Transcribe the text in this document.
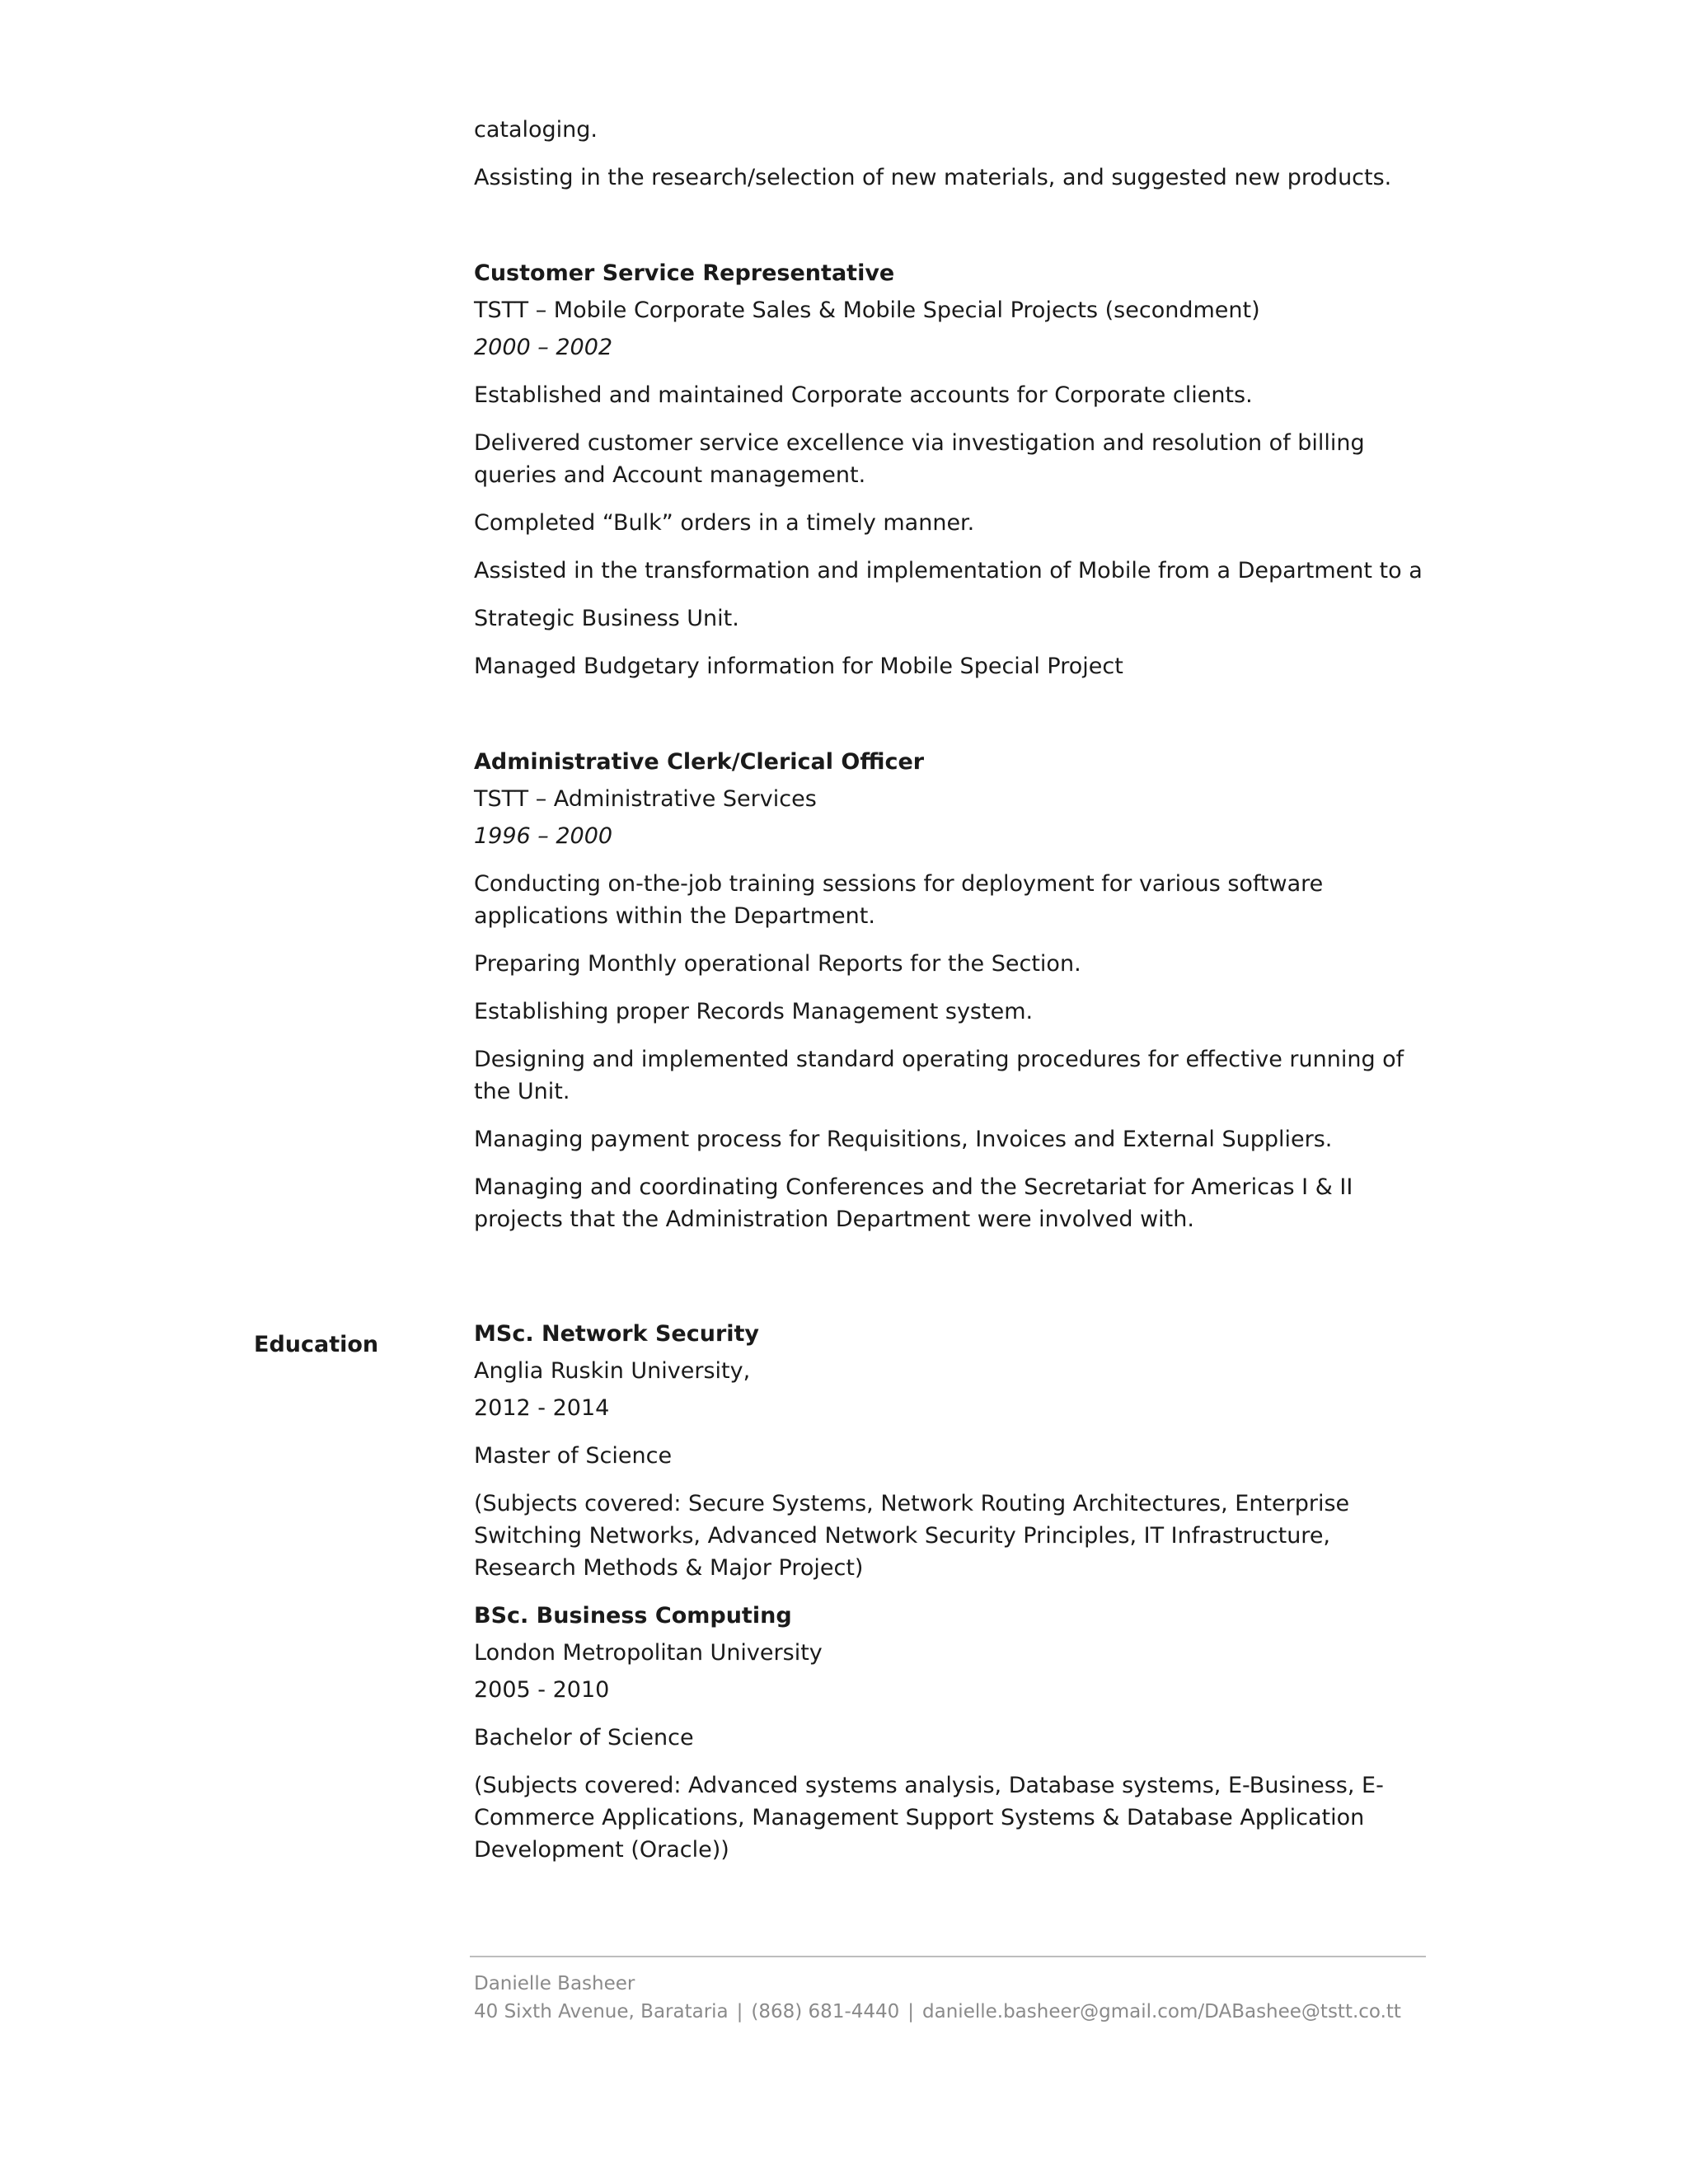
cataloging.
Assisting in the research/selection of new materials, and suggested new products.
Customer Service Representative
TSTT – Mobile Corporate Sales & Mobile Special Projects (secondment)
2000 – 2002
Established and maintained Corporate accounts for Corporate clients.
Delivered customer service excellence via investigation and resolution of billing queries and Account management.
Completed “Bulk” orders in a timely manner.
Assisted in the transformation and implementation of Mobile from a Department to a
Strategic Business Unit.
Managed Budgetary information for Mobile Special Project
Administrative Clerk/Clerical Officer
TSTT – Administrative Services
1996 – 2000
Conducting on-the-job training sessions for deployment for various software applications within the Department.
Preparing Monthly operational Reports for the Section.
Establishing proper Records Management system.
Designing and implemented standard operating procedures for effective running of the Unit.
Managing payment process for Requisitions, Invoices and External Suppliers.
Managing and coordinating Conferences and the Secretariat for Americas I & II projects that the Administration Department were involved with.
MSc. Network Security
Anglia Ruskin University,
2012 - 2014
Master of Science
(Subjects covered: Secure Systems, Network Routing Architectures, Enterprise Switching Networks, Advanced Network Security Principles, IT Infrastructure, Research Methods & Major Project)
BSc. Business Computing
London Metropolitan University
2005 - 2010
Bachelor of Science
(Subjects covered: Advanced systems analysis, Database systems, E-Business, E-Commerce Applications, Management Support Systems & Database Application Development (Oracle))
Education
Danielle Basheer
40 Sixth Avenue, Barataria | (868) 681-4440 | danielle.basheer@gmail.com/DABashee@tstt.co.tt
